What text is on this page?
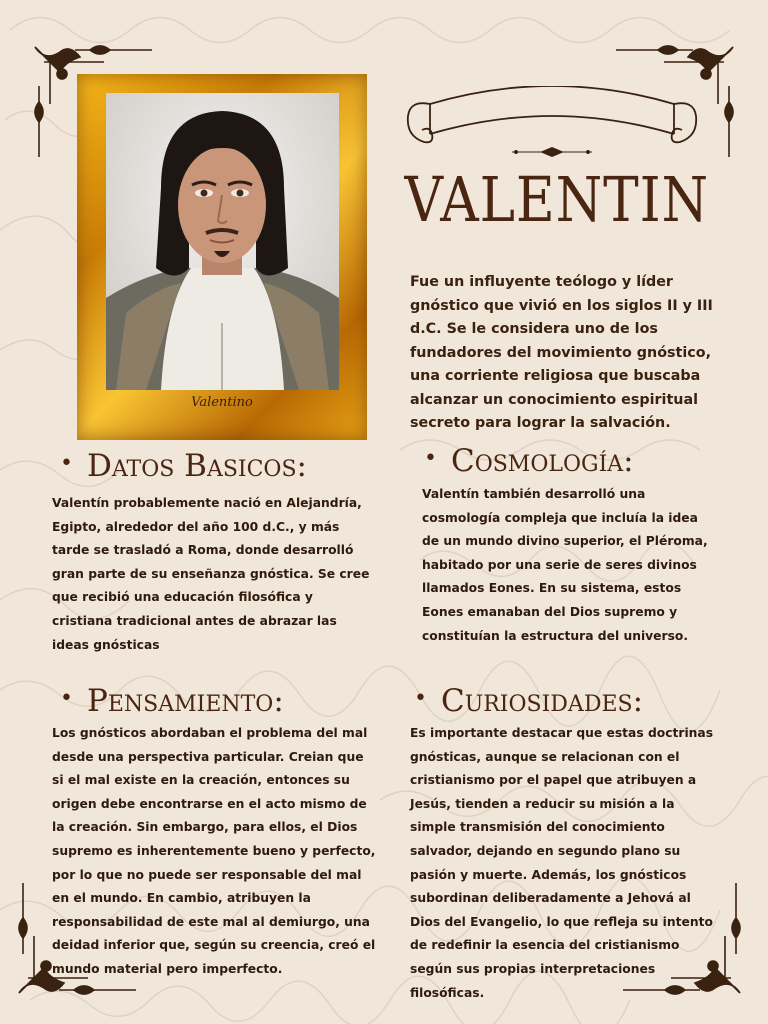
Valentino
VALENTIN
Fue un influyente teólogo y líder gnóstico que vivió en los siglos II y III d.C. Se le considera uno de los fundadores del movimiento gnóstico, una corriente religiosa que buscaba alcanzar un conocimiento espiritual secreto para lograr la salvación.
• Datos Basicos:
Valentín probablemente nació en Alejandría, Egipto, alrededor del año 100 d.C., y más tarde se trasladó a Roma, donde desarrolló gran parte de su enseñanza gnóstica. Se cree que recibió una educación filosófica y cristiana tradicional antes de abrazar las ideas gnósticas
• Cosmología:
Valentín también desarrolló una cosmología compleja que incluía la idea de un mundo divino superior, el Pléroma, habitado por una serie de seres divinos llamados Eones. En su sistema, estos Eones emanaban del Dios supremo y constituían la estructura del universo.
• Pensamiento:
Los gnósticos abordaban el problema del mal desde una perspectiva particular. Creian que si el mal existe en la creación, entonces su origen debe encontrarse en el acto mismo de la creación. Sin embargo, para ellos, el Dios supremo es inherentemente bueno y perfecto, por lo que no puede ser responsable del mal en el mundo. En cambio, atribuyen la responsabilidad de este mal al demiurgo, una deidad inferior que, según su creencia, creó el mundo material pero imperfecto.
• Curiosidades:
Es importante destacar que estas doctrinas gnósticas, aunque se relacionan con el cristianismo por el papel que atribuyen a Jesús, tienden a reducir su misión a la simple transmisión del conocimiento salvador, dejando en segundo plano su pasión y muerte. Además, los gnósticos subordinan deliberadamente a Jehová al Dios del Evangelio, lo que refleja su intento de redefinir la esencia del cristianismo según sus propias interpretaciones filosóficas.
